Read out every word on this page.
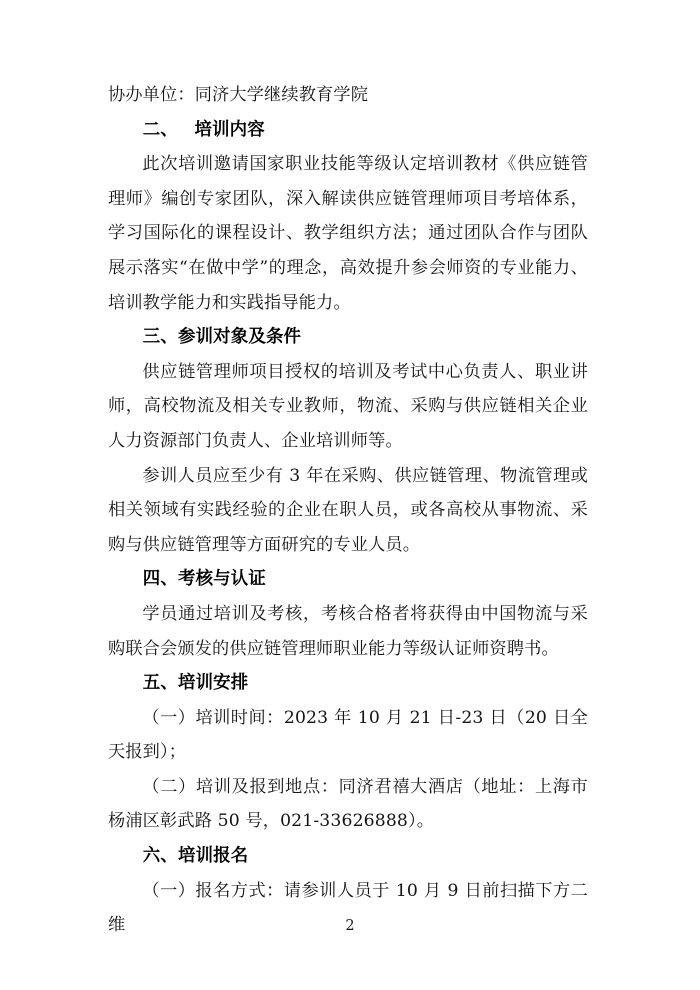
协办单位：同济大学继续教育学院

二、 培训内容

此次培训邀请国家职业技能等级认定培训教材《供应链管理师》编创专家团队，深入解读供应链管理师项目考培体系，学习国际化的课程设计、教学组织方法；通过团队合作与团队展示落实“在做中学”的理念，高效提升参会师资的专业能力、培训教学能力和实践指导能力。

三、参训对象及条件

供应链管理师项目授权的培训及考试中心负责人、职业讲师，高校物流及相关专业教师，物流、采购与供应链相关企业人力资源部门负责人、企业培训师等。

参训人员应至少有 3 年在采购、供应链管理、物流管理或相关领域有实践经验的企业在职人员，或各高校从事物流、采购与供应链管理等方面研究的专业人员。

四、考核与认证

学员通过培训及考核，考核合格者将获得由中国物流与采购联合会颁发的供应链管理师职业能力等级认证师资聘书。

五、培训安排

（一）培训时间：2023 年 10 月 21 日-23 日（20 日全天报到）；

（二）培训及报到地点：同济君禧大酒店（地址：上海市杨浦区彰武路 50 号，021-33626888）。

六、培训报名

（一）报名方式：请参训人员于 10 月 9 日前扫描下方二维	2
